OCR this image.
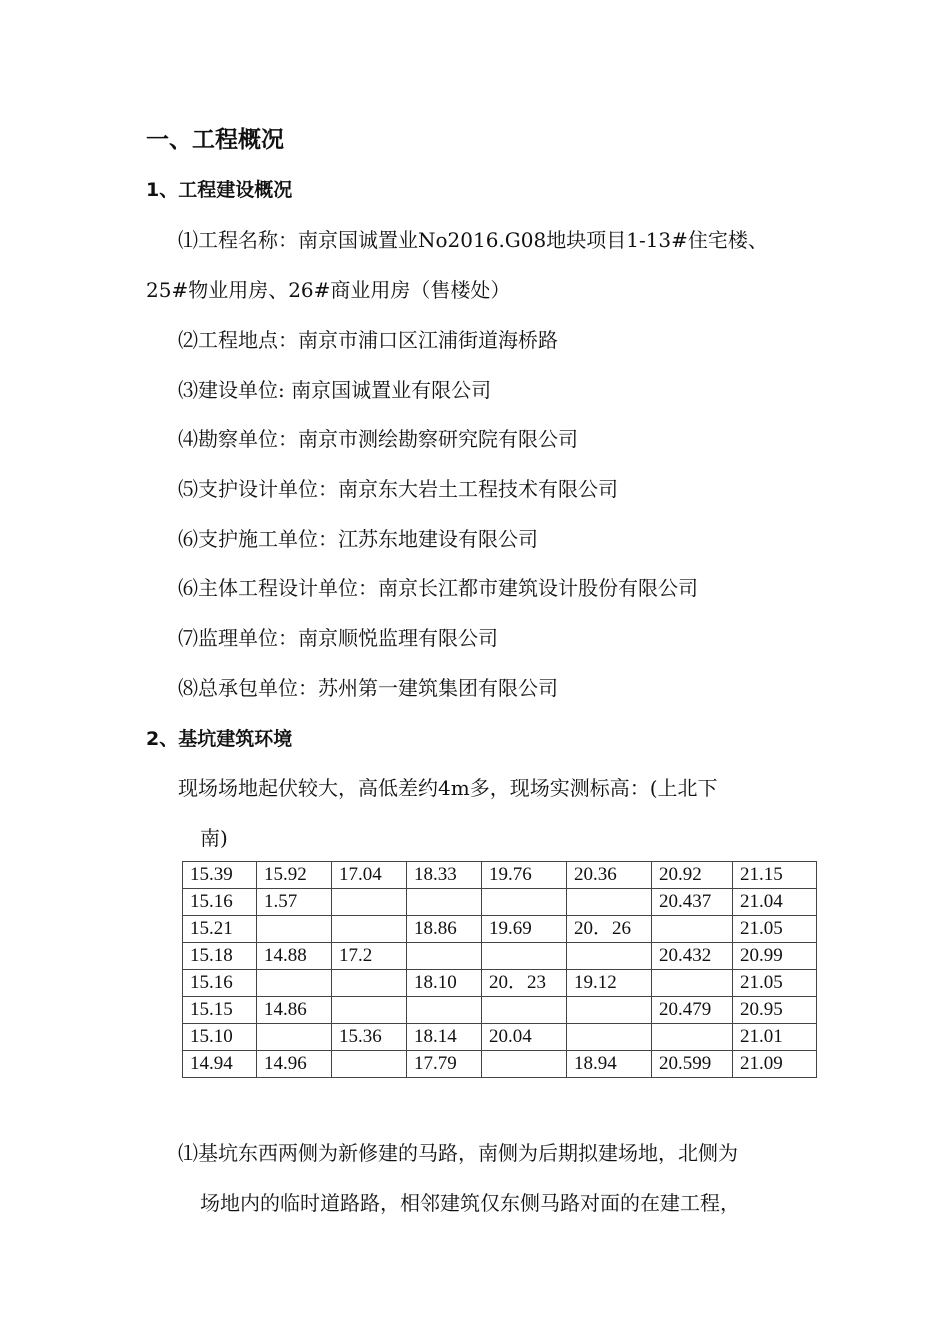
一、工程概况
1、工程建设概况
⑴工程名称：南京国诚置业No2016.G08地块项目1-13#住宅楼、
25#物业用房、26#商业用房（售楼处）
⑵工程地点：南京市浦口区江浦街道海桥路
⑶建设单位: 南京国诚置业有限公司
⑷勘察单位：南京市测绘勘察研究院有限公司
⑸支护设计单位：南京东大岩土工程技术有限公司
⑹支护施工单位：江苏东地建设有限公司
⑹主体工程设计单位：南京长江都市建筑设计股份有限公司
⑺监理单位：南京顺悦监理有限公司
⑻总承包单位：苏州第一建筑集团有限公司
2、基坑建筑环境
现场场地起伏较大，高低差约4m多，现场实测标高：(上北下
南)
15.39	15.92	17.04	18.33	19.76	20.36	20.92	21.15
15.16	1.57					20.437	21.04
15.21			18.86	19.69	20．26		21.05
15.18	14.88	17.2				20.432	20.99
15.16			18.10	20．23	19.12		21.05
15.15	14.86					20.479	20.95
15.10		15.36	18.14	20.04			21.01
14.94	14.96		17.79		18.94	20.599	21.09
⑴基坑东西两侧为新修建的马路，南侧为后期拟建场地，北侧为
场地内的临时道路路，相邻建筑仅东侧马路对面的在建工程，
